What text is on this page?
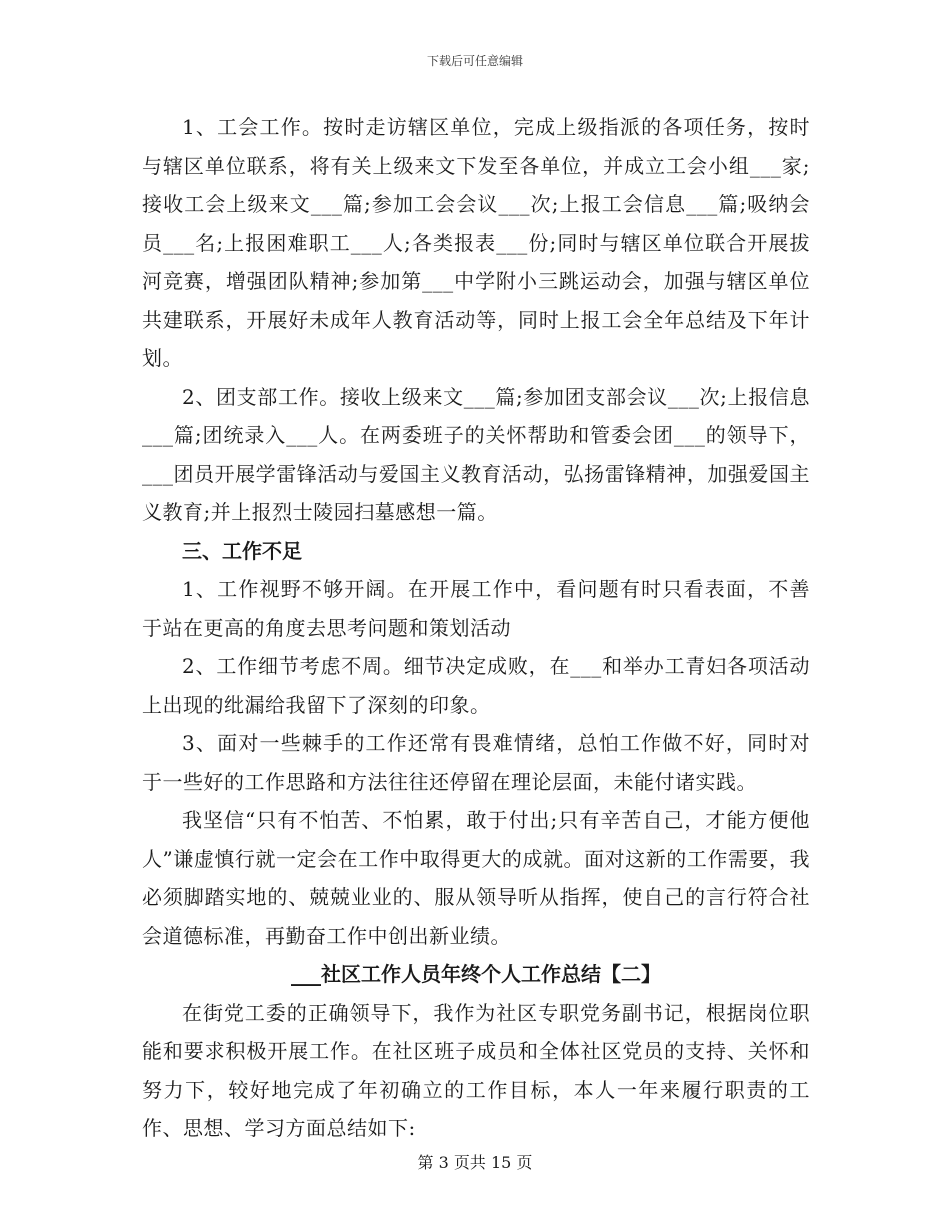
下载后可任意编辑

1、工会工作。按时走访辖区单位，完成上级指派的各项任务，按时与辖区单位联系，将有关上级来文下发至各单位，并成立工会小组___家;接收工会上级来文___篇;参加工会会议___次;上报工会信息___篇;吸纳会员___名;上报困难职工___人;各类报表___份;同时与辖区单位联合开展拔河竞赛，增强团队精神;参加第___中学附小三跳运动会，加强与辖区单位共建联系，开展好未成年人教育活动等，同时上报工会全年总结及下年计划。

2、团支部工作。接收上级来文___篇;参加团支部会议___次;上报信息___篇;团统录入___人。在两委班子的关怀帮助和管委会团___的领导下，___团员开展学雷锋活动与爱国主义教育活动，弘扬雷锋精神，加强爱国主义教育;并上报烈士陵园扫墓感想一篇。

三、工作不足

1、工作视野不够开阔。在开展工作中，看问题有时只看表面，不善于站在更高的角度去思考问题和策划活动

2、工作细节考虑不周。细节决定成败，在___和举办工青妇各项活动上出现的纰漏给我留下了深刻的印象。

3、面对一些棘手的工作还常有畏难情绪，总怕工作做不好，同时对于一些好的工作思路和方法往往还停留在理论层面，未能付诸实践。

我坚信“只有不怕苦、不怕累，敢于付出;只有辛苦自己，才能方便他人”谦虚慎行就一定会在工作中取得更大的成就。面对这新的工作需要，我必须脚踏实地的、兢兢业业的、服从领导听从指挥，使自己的言行符合社会道德标准，再勤奋工作中创出新业绩。

___社区工作人员年终个人工作总结【二】

在街党工委的正确领导下，我作为社区专职党务副书记，根据岗位职能和要求积极开展工作。在社区班子成员和全体社区党员的支持、关怀和努力下，较好地完成了年初确立的工作目标，本人一年来履行职责的工作、思想、学习方面总结如下:

第 3 页共 15 页
